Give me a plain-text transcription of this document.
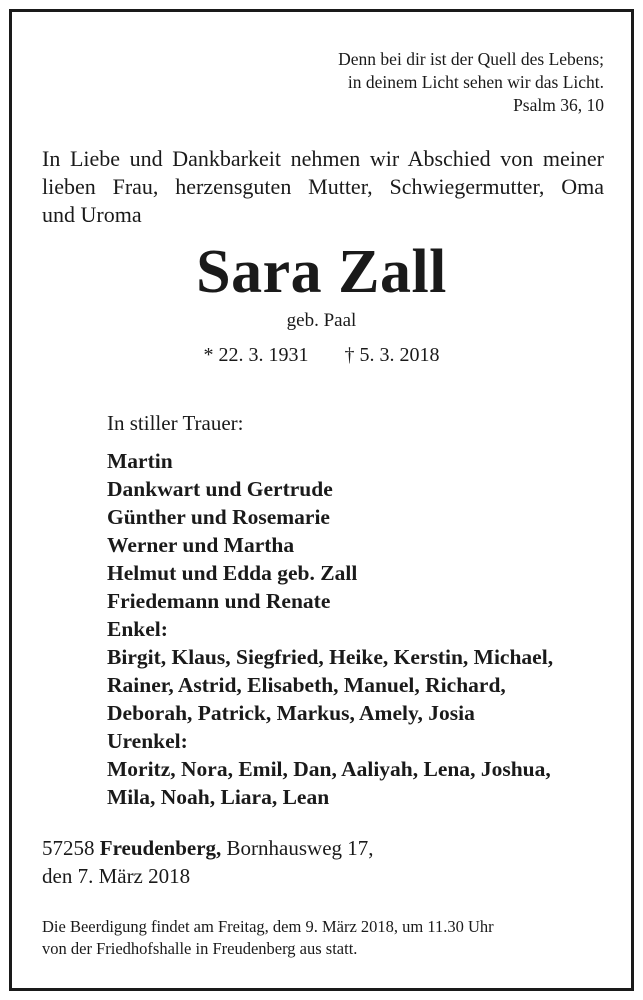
Denn bei dir ist der Quell des Lebens;
in deinem Licht sehen wir das Licht.
Psalm 36, 10
In Liebe und Dankbarkeit nehmen wir Abschied von meiner
lieben Frau, herzensguten Mutter, Schwiegermutter, Oma
und Uroma
Sara Zall
geb. Paal
* 22. 3. 1931 † 5. 3. 2018
In stiller Trauer:
Martin
Dankwart und Gertrude
Günther und Rosemarie
Werner und Martha
Helmut und Edda geb. Zall
Friedemann und Renate
Enkel:
Birgit, Klaus, Siegfried, Heike, Kerstin, Michael,
Rainer, Astrid, Elisabeth, Manuel, Richard,
Deborah, Patrick, Markus, Amely, Josia
Urenkel:
Moritz, Nora, Emil, Dan, Aaliyah, Lena, Joshua,
Mila, Noah, Liara, Lean
57258 Freudenberg, Bornhausweg 17,
den 7. März 2018
Die Beerdigung findet am Freitag, dem 9. März 2018, um 11.30 Uhr
von der Friedhofshalle in Freudenberg aus statt.
